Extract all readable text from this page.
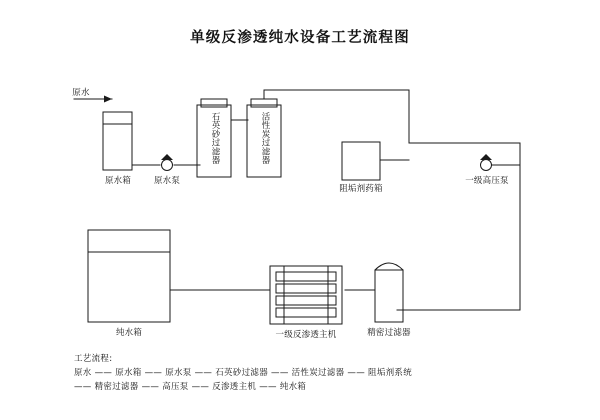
单级反渗透纯水设备工艺流程图
原水
原水箱	原水泵
石英砂过滤器	活性炭过滤器
阻垢剂药箱
一级高压泵
纯水箱	一级反渗透主机	精密过滤器
工艺流程:
原水 —— 原水箱 —— 原水泵 —— 石英砂过滤器 —— 活性炭过滤器 —— 阻垢剂系统 —— 精密过滤器 —— 高压泵 —— 反渗透主机 —— 纯水箱
